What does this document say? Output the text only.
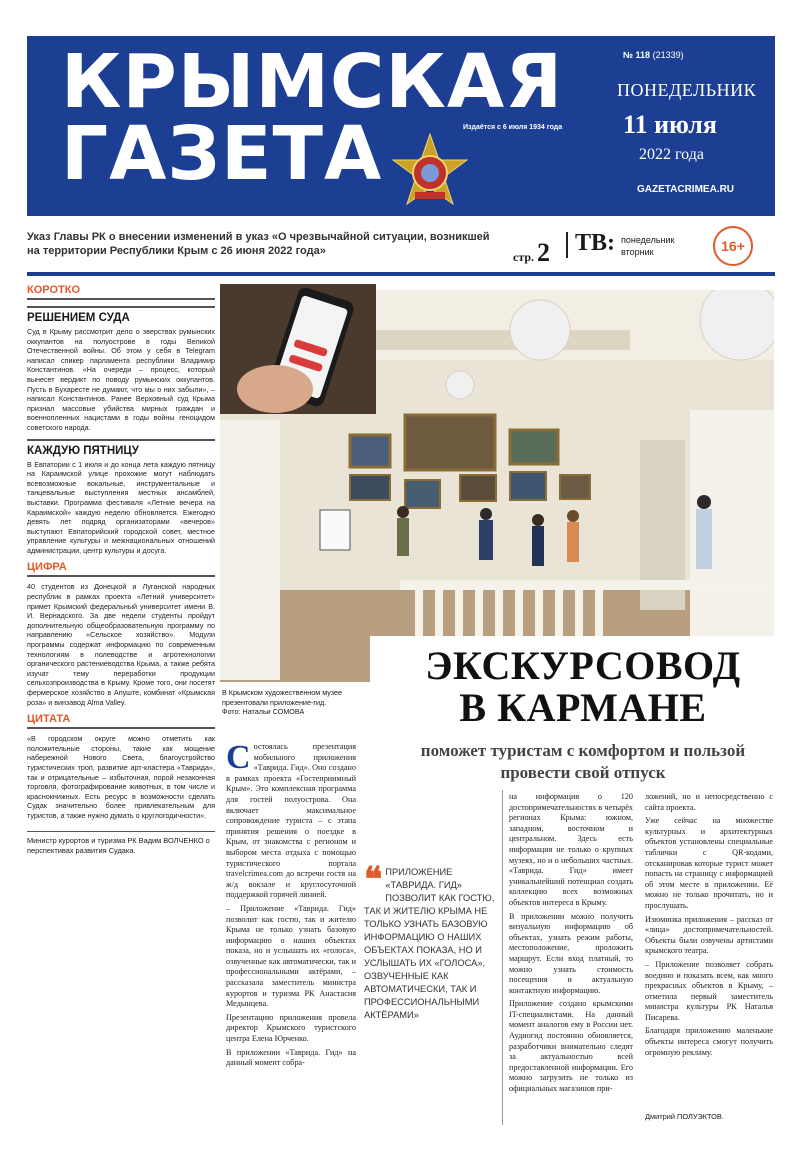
КРЫМСКАЯ
ГАЗЕТА	Издаётся с 6 июля 1934 года
№ 118 (21339)
ПОНЕДЕЛЬНИК
11 июля
2022 года
GAZETACRIMEA.RU
Указ Главы РК о внесении изменений в указ «О чрезвычайной ситуации, возникшей на территории Республики Крым с 26 июня 2022 года»	стр. 2 ТВ: понедельник
вторник	16+
КОРОТКО
РЕШЕНИЕМ СУДА
Суд в Крыму рассмотрит дело о зверствах румынских оккупантов на полуострове в годы Великой Отечественной войны. Об этом у себя в Telegram написал спикер парламента республики Владимир Константинов. «На очереди – процесс, который вынесет вердикт по поводу румынских оккупантов. Пусть в Бухаресте не думают, что мы о них забыли», – написал Константинов. Ранее Верховный суд Крыма признал массовые убийства мирных граждан и военнопленных нацистами в годы войны геноцидом советского народа.
КАЖДУЮ ПЯТНИЦУ
В Евпатории с 1 июля и до конца лета каждую пятницу на Караимской улице прохожие могут наблюдать всевозможные вокальные, инструментальные и танцевальные выступления местных ансамблей, выставки. Программа фестиваля «Летние вечера на Караимской» каждую неделю обновляется. Ежегодно девять лет подряд организаторами «вечеров» выступают Евпаторийский городской совет, местное управление культуры и межнациональных отношений администрации, центр культуры и досуга.
ЦИФРА
40 студентов из Донецкой и Луганской народных республик в рамках проекта «Летний университет» примет Крымский федеральный университет имени В. И. Вернадского. За две недели студенты пройдут дополнительную общеобразовательную программу по направлению «Сельское хозяйство». Модули программы содержат информацию по современным технологиям в полеводстве и агротехнологии органического растениеводства Крыма, а также ребята изучат тему переработки продукции сельхозпроизводства в Крыму. Кроме того, они посетят фермерское хозяйство в Апуште, комбинат «Крымская роза» и винзавод Alma Valley.
ЦИТАТА
«В городском округе можно отметить как положительные стороны, такие как мощение набережной Нового Света, благоустройство туристических троп, развитие арт-кластера «Таврида», так и отрицательные – избыточная, порой незаконная торговля, фотографирование животных, в том числе и краснокнижных. Есть ресурс в возможности сделать Судак значительно более привлекательным для туристов, а также нужно думать о круглогодичности».
Министр курортов и туризма РК Вадим ВОЛЧЕНКО о перспективах развития Судака.
В Крымском художественном музее презентовали приложение-гид.
Фото: Натальи СОМОВА
ЭКСКУРСОВОД
В КАРМАНЕ
поможет туристам с комфортом и пользой провести свой отпуск

Состоялась презентация мобильного приложения «Таврида. Гид». Оно создано в рамках проекта «Гостеприимный Крым». Это комплексная программа для гостей полуострова. Она включает максимальное сопровождение туриста – с этапа принятия решения о поездке в Крым, от знакомства с регионом и выбором места отдыха с помощью туристического портала travelcrimea.com до встречи гостя на ж/д вокзале и круглосуточной поддержкой горячей линией.

– Приложение «Таврида. Гид» позволит как гостю, так и жителю Крыма не только узнать базовую информацию о наших объектах показа, но и услышать их «голоса», озвученные как автоматически, так и профессиональными актёрами, – рассказала заместитель министра курортов и туризма РК Анастасия Медынцева.

Презентацию приложения провела директор Крымского туристского центра Елена Юрченко.

В приложении «Таврида. Гид» на данный момент собра-

❝ ПРИЛОЖЕНИЕ «ТАВРИДА. ГИД» ПОЗВОЛИТ КАК ГОСТЮ, ТАК И ЖИТЕЛЮ КРЫМА НЕ ТОЛЬКО УЗНАТЬ БАЗОВУЮ ИНФОРМАЦИЮ О НАШИХ ОБЪЕКТАХ ПОКАЗА, НО И УСЛЫШАТЬ ИХ «ГОЛОСА», ОЗВУЧЕННЫЕ КАК АВТОМАТИЧЕСКИ, ТАК И ПРОФЕССИОНАЛЬНЫМИ АКТЁРАМИ»

на информация о 120 достопримечательностях в четырёх регионах Крыма: южном, западном, восточном и центральном. Здесь есть информация не только о крупных музеях, но и о небольших частных. «Таврида. Гид» имеет уникальнейший потенциал создать коллекцию всех возможных объектов интереса в Крыму.

В приложении можно получить визуальную информацию об объектах, узнать режим работы, местоположение, проложить маршрут. Если вход платный, то можно узнать стоимость посещения и актуальную контактную информацию.

Приложение создано крымскими IT-специалистами. На данный момент аналогов ему в России нет. Аудиогид постоянно обновляется, разработчики внимательно следят за актуальностью всей предоставленной информации. Его можно загрузить не только из официальных магазинов при-

ложений, но и непосредственно с сайта проекта.

Уже сейчас на множестве культурных и архитектурных объектов установлены специальные таблички с QR-кодами, отсканировав которые турист может попасть на страницу с информацией об этом месте в приложении. Её можно не только прочитать, но и прослушать.

Изюминка приложения – рассказ от «лица» достопримечательностей. Объекты были озвучены артистами крымского театра.

– Приложение позволяет собрать воедино и показать всем, как много прекрасных объектов в Крыму, – отметила первый заместитель министра культуры РК Наталья Писарева.

Благодаря приложению маленькие объекты интереса смогут получить огромную рекламу.

Дмитрий ПОЛУЭКТОВ.
